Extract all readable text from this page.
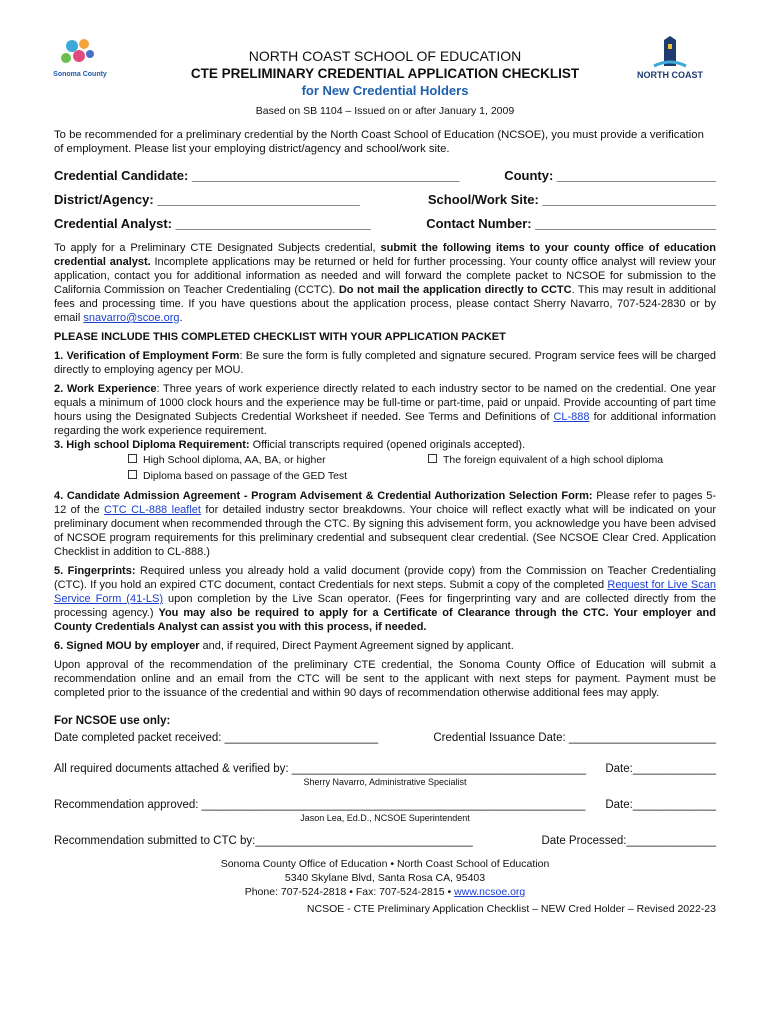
Sonoma County	NORTH COAST
NORTH COAST SCHOOL OF EDUCATION
CTE PRELIMINARY CREDENTIAL APPLICATION CHECKLIST
for New Credential Holders
Based on SB 1104 – Issued on or after January 1, 2009

To be recommended for a preliminary credential by the North Coast School of Education (NCSOE), you must provide a verification of employment. Please list your employing district/agency and school/work site.

Credential Candidate: _____________________________________	County: ______________________
District/Agency: ____________________________	School/Work Site: ________________________
Credential Analyst: ___________________________	Contact Number: _________________________

To apply for a Preliminary CTE Designated Subjects credential, submit the following items to your county office of education credential analyst. Incomplete applications may be returned or held for further processing. Your county office analyst will review your application, contact you for additional information as needed and will forward the complete packet to NCSOE for submission to the California Commission on Teacher Credentialing (CCTC). Do not mail the application directly to CCTC. This may result in additional fees and processing time. If you have questions about the application process, please contact Sherry Navarro, 707-524-2830 or by email snavarro@scoe.org.

PLEASE INCLUDE THIS COMPLETED CHECKLIST WITH YOUR APPLICATION PACKET

1. Verification of Employment Form: Be sure the form is fully completed and signature secured. Program service fees will be charged directly to employing agency per MOU.

2. Work Experience: Three years of work experience directly related to each industry sector to be named on the credential. One year equals a minimum of 1000 clock hours and the experience may be full-time or part-time, paid or unpaid. Provide accounting of part time hours using the Designated Subjects Credential Worksheet if needed. See Terms and Definitions of CL-888 for additional information regarding the work experience requirement.

3. High school Diploma Requirement: Official transcripts required (opened originals accepted).

High School diploma, AA, BA, or higher	The foreign equivalent of a high school diploma
Diploma based on passage of the GED Test

4. Candidate Admission Agreement - Program Advisement & Credential Authorization Selection Form: Please refer to pages 5-12 of the CTC CL-888 leaflet for detailed industry sector breakdowns. Your choice will reflect exactly what will be indicated on your preliminary document when recommended through the CTC. By signing this advisement form, you acknowledge you have been advised of NCSOE program requirements for this preliminary credential and subsequent clear credential. (See NCSOE Clear Cred. Application Checklist in addition to CL-888.)

5. Fingerprints: Required unless you already hold a valid document (provide copy) from the Commission on Teacher Credentialing (CTC). If you hold an expired CTC document, contact Credentials for next steps. Submit a copy of the completed Request for Live Scan Service Form (41-LS) upon completion by the Live Scan operator. (Fees for fingerprinting vary and are collected directly from the processing agency.) You may also be required to apply for a Certificate of Clearance through the CTC. Your employer and County Credentials Analyst can assist you with this process, if needed.

6. Signed MOU by employer and, if required, Direct Payment Agreement signed by applicant.

Upon approval of the recommendation of the preliminary CTE credential, the Sonoma County Office of Education will submit a recommendation online and an email from the CTC will be sent to the applicant with next steps for payment. Payment must be completed prior to the issuance of the credential and within 90 days of recommendation otherwise additional fees may apply.

For NCSOE use only:
Date completed packet received: ________________________	Credential Issuance Date: _______________________
All required documents attached & verified by: ______________________________________________ Date:_____________
Sherry Navarro, Administrative Specialist
Recommendation approved: ____________________________________________________________ Date:_____________
Jason Lea, Ed.D., NCSOE Superintendent
Recommendation submitted to CTC by:__________________________________	Date Processed:______________
Sonoma County Office of Education • North Coast School of Education
5340 Skylane Blvd, Santa Rosa CA, 95403
Phone: 707-524-2818 • Fax: 707-524-2815 • www.ncsoe.org
NCSOE - CTE Preliminary Application Checklist – NEW Cred Holder – Revised 2022-23
